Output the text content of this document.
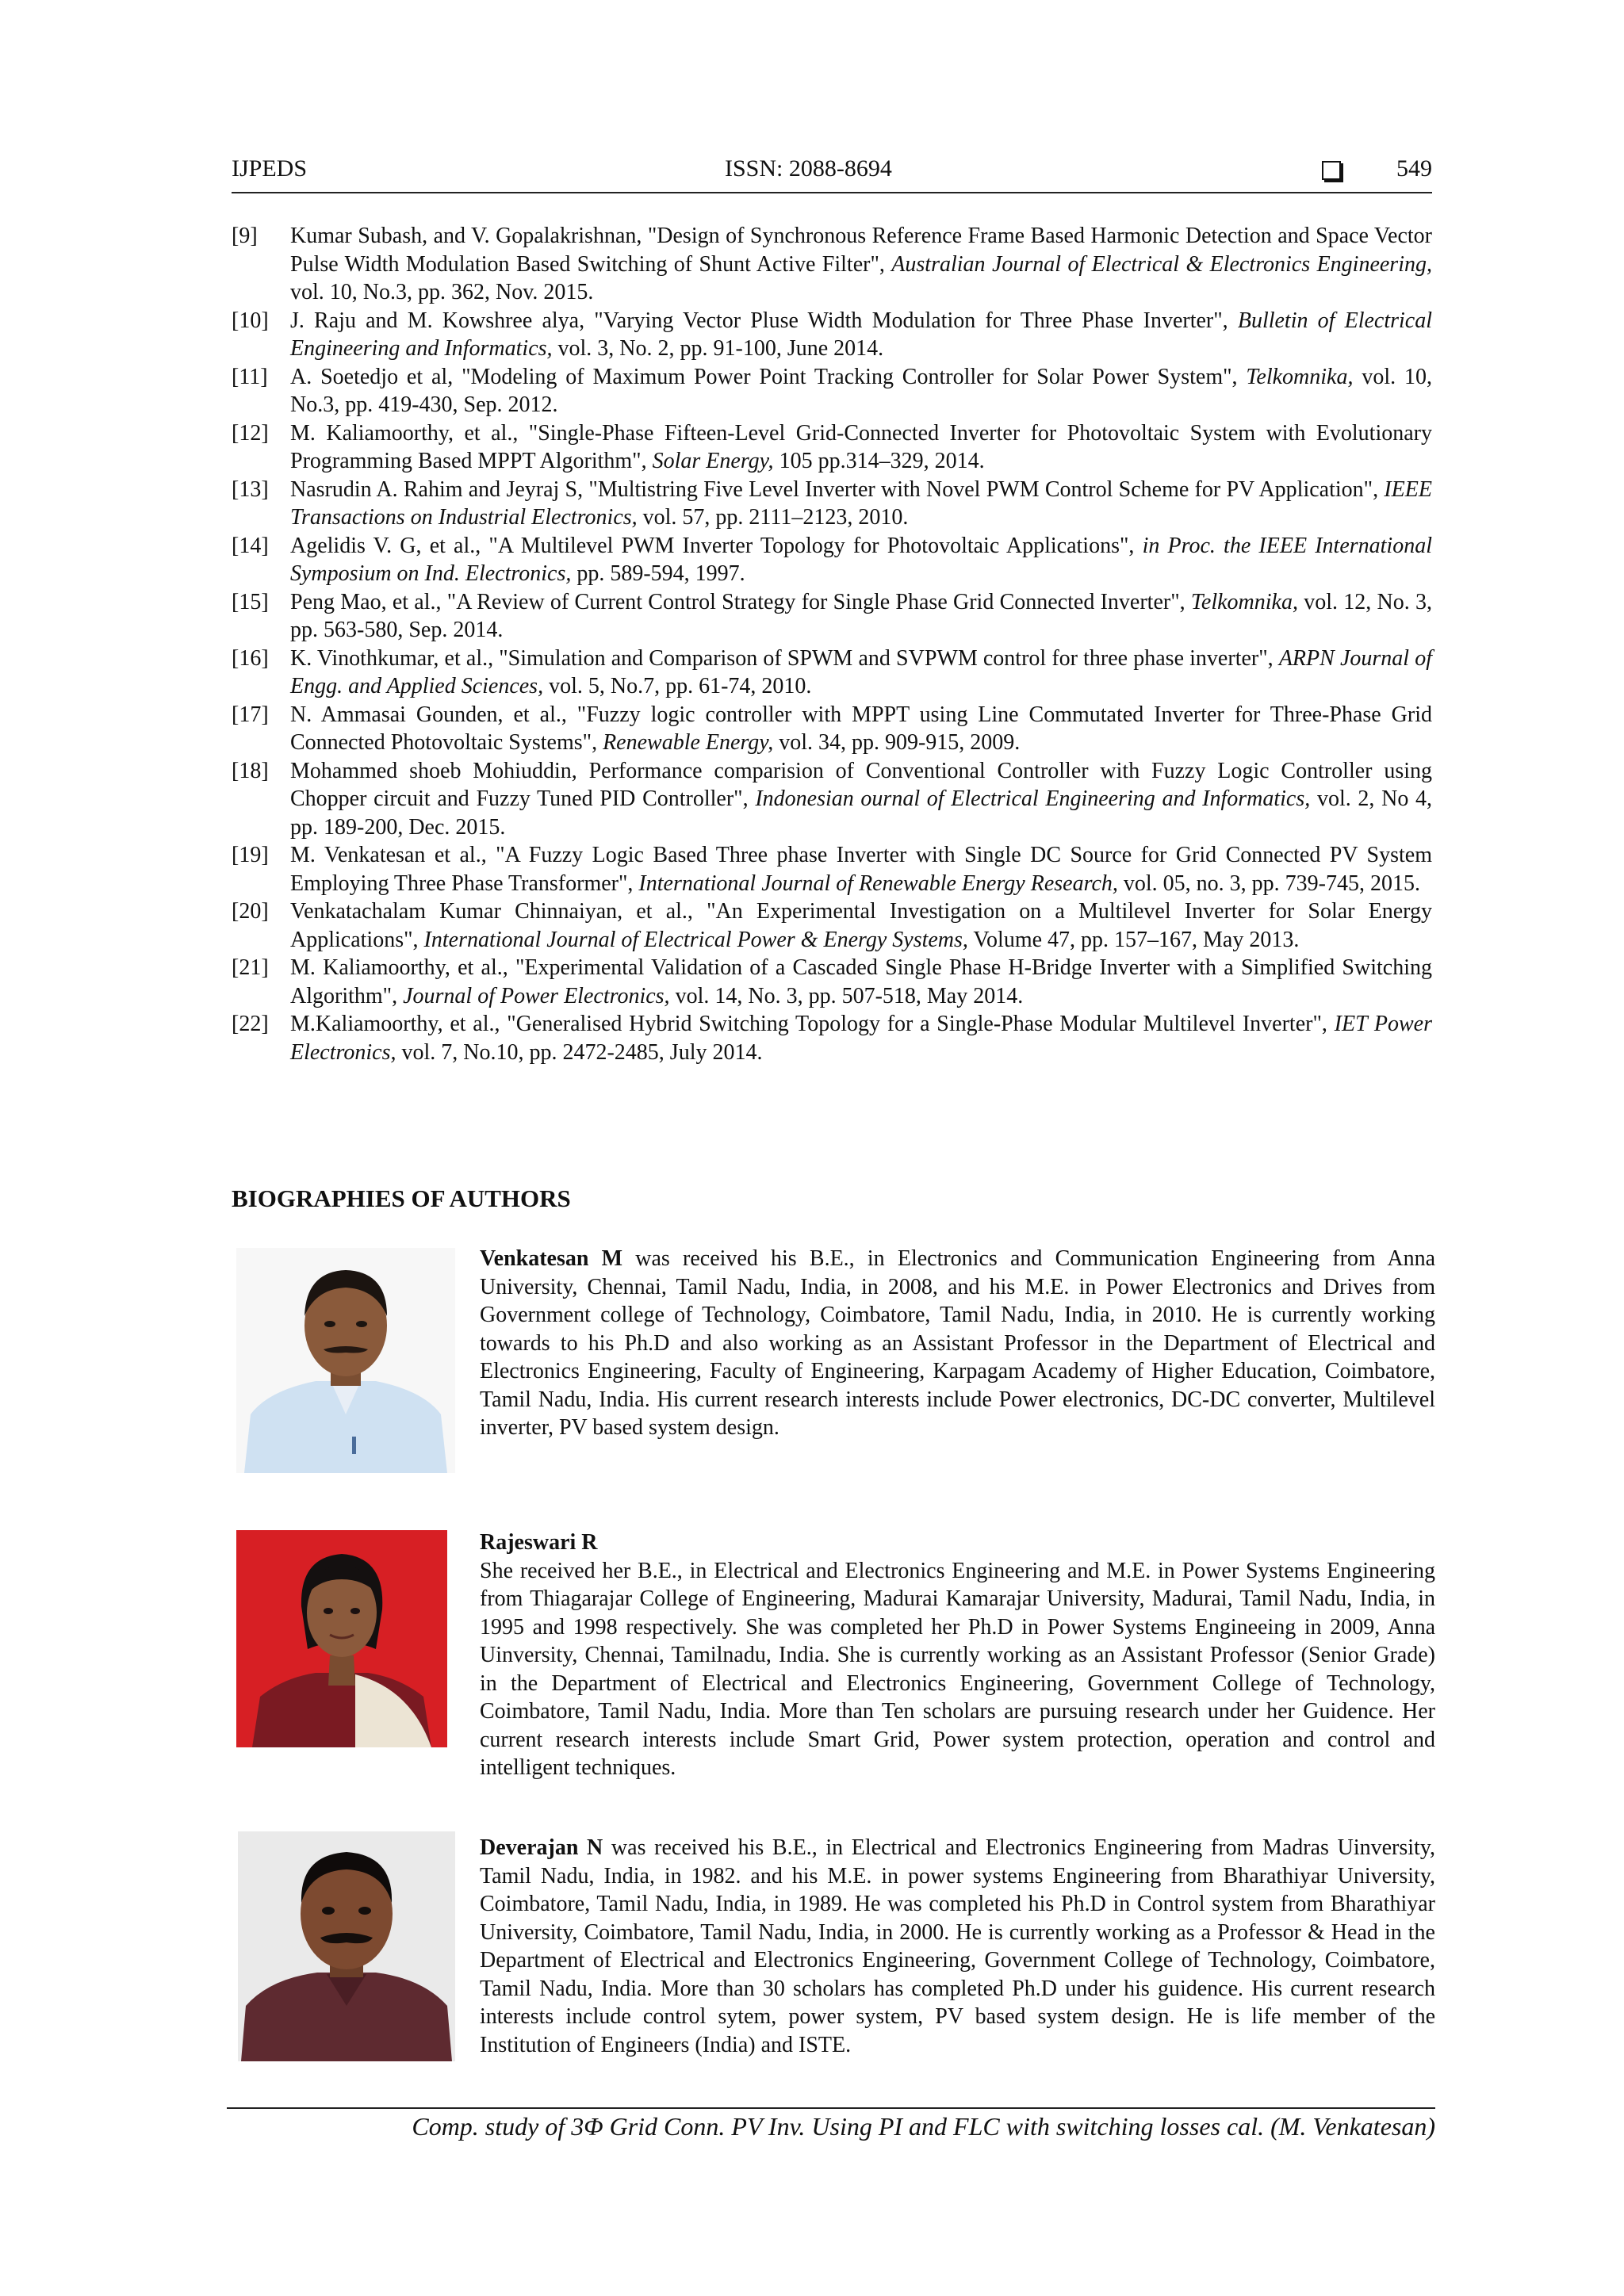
IJPEDS	ISSN: 2088-8694	549

[9] Kumar Subash, and V. Gopalakrishnan, "Design of Synchronous Reference Frame Based Harmonic Detection and Space Vector Pulse Width Modulation Based Switching of Shunt Active Filter", Australian Journal of Electrical & Electronics Engineering, vol. 10, No.3, pp. 362, Nov. 2015.

[10] J. Raju and M. Kowshree alya, "Varying Vector Pluse Width Modulation for Three Phase Inverter", Bulletin of Electrical Engineering and Informatics, vol. 3, No. 2, pp. 91-100, June 2014.

[11] A. Soetedjo et al, "Modeling of Maximum Power Point Tracking Controller for Solar Power System", Telkomnika, vol. 10, No.3, pp. 419-430, Sep. 2012.

[12] M. Kaliamoorthy, et al., "Single-Phase Fifteen-Level Grid-Connected Inverter for Photovoltaic System with Evolutionary Programming Based MPPT Algorithm", Solar Energy, 105 pp.314–329, 2014.

[13] Nasrudin A. Rahim and Jeyraj S, "Multistring Five Level Inverter with Novel PWM Control Scheme for PV Application", IEEE Transactions on Industrial Electronics, vol. 57, pp. 2111–2123, 2010.

[14] Agelidis V. G, et al., "A Multilevel PWM Inverter Topology for Photovoltaic Applications", in Proc. the IEEE International Symposium on Ind. Electronics, pp. 589-594, 1997.

[15] Peng Mao, et al., "A Review of Current Control Strategy for Single Phase Grid Connected Inverter", Telkomnika, vol. 12, No. 3, pp. 563-580, Sep. 2014.

[16] K. Vinothkumar, et al., "Simulation and Comparison of SPWM and SVPWM control for three phase inverter", ARPN Journal of Engg. and Applied Sciences, vol. 5, No.7, pp. 61-74, 2010.

[17] N. Ammasai Gounden, et al., "Fuzzy logic controller with MPPT using Line Commutated Inverter for Three-Phase Grid Connected Photovoltaic Systems", Renewable Energy, vol. 34, pp. 909-915, 2009.

[18] Mohammed shoeb Mohiuddin, Performance comparision of Conventional Controller with Fuzzy Logic Controller using Chopper circuit and Fuzzy Tuned PID Controller", Indonesian ournal of Electrical Engineering and Informatics, vol. 2, No 4, pp. 189-200, Dec. 2015.

[19] M. Venkatesan et al., "A Fuzzy Logic Based Three phase Inverter with Single DC Source for Grid Connected PV System Employing Three Phase Transformer", International Journal of Renewable Energy Research, vol. 05, no. 3, pp. 739-745, 2015.

[20] Venkatachalam Kumar Chinnaiyan, et al., "An Experimental Investigation on a Multilevel Inverter for Solar Energy Applications", International Journal of Electrical Power & Energy Systems, Volume 47, pp. 157–167, May 2013.

[21] M. Kaliamoorthy, et al., "Experimental Validation of a Cascaded Single Phase H-Bridge Inverter with a Simplified Switching Algorithm", Journal of Power Electronics, vol. 14, No. 3, pp. 507-518, May 2014.

[22] M.Kaliamoorthy, et al., "Generalised Hybrid Switching Topology for a Single-Phase Modular Multilevel Inverter", IET Power Electronics, vol. 7, No.10, pp. 2472-2485, July 2014.

BIOGRAPHIES OF AUTHORS

Venkatesan M was received his B.E., in Electronics and Communication Engineering from Anna University, Chennai, Tamil Nadu, India, in 2008, and his M.E. in Power Electronics and Drives from Government college of Technology, Coimbatore, Tamil Nadu, India, in 2010. He is currently working towards to his Ph.D and also working as an Assistant Professor in the Department of Electrical and Electronics Engineering, Faculty of Engineering, Karpagam Academy of Higher Education, Coimbatore, Tamil Nadu, India. His current research interests include Power electronics, DC-DC converter, Multilevel inverter, PV based system design.

Rajeswari R
She received her B.E., in Electrical and Electronics Engineering and M.E. in Power Systems Engineering from Thiagarajar College of Engineering, Madurai Kamarajar University, Madurai, Tamil Nadu, India, in 1995 and 1998 respectively. She was completed her Ph.D in Power Systems Engineeing in 2009, Anna Uinversity, Chennai, Tamilnadu, India. She is currently working as an Assistant Professor (Senior Grade) in the Department of Electrical and Electronics Engineering, Government College of Technology, Coimbatore, Tamil Nadu, India. More than Ten scholars are pursuing research under her Guidence. Her current research interests include Smart Grid, Power system protection, operation and control and intelligent techniques.

Deverajan N was received his B.E., in Electrical and Electronics Engineering from Madras Uinversity, Tamil Nadu, India, in 1982. and his M.E. in power systems Engineering from Bharathiyar University, Coimbatore, Tamil Nadu, India, in 1989. He was completed his Ph.D in Control system from Bharathiyar University, Coimbatore, Tamil Nadu, India, in 2000. He is currently working as a Professor & Head in the Department of Electrical and Electronics Engineering, Government College of Technology, Coimbatore, Tamil Nadu, India. More than 30 scholars has completed Ph.D under his guidence. His current research interests include control sytem, power system, PV based system design. He is life member of the Institution of Engineers (India) and ISTE.

Comp. study of 3Φ Grid Conn. PV Inv. Using PI and FLC with switching losses cal. (M. Venkatesan)
